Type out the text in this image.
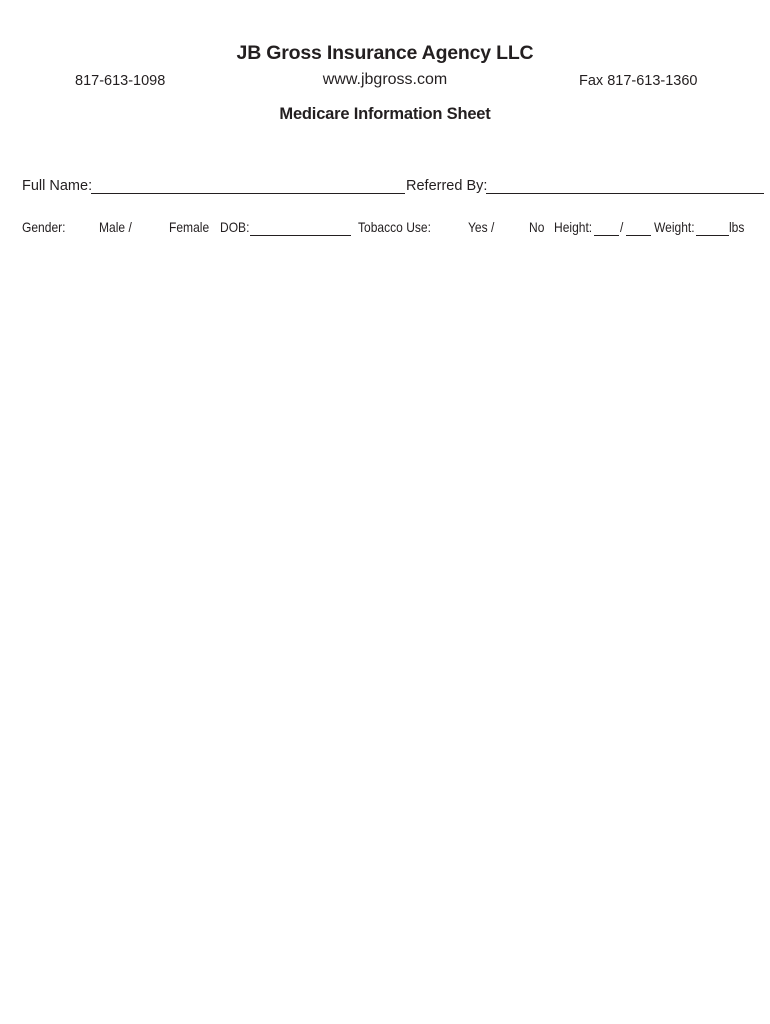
JB Gross Insurance Agency LLC
817-613-1098	www.jbgross.com	Fax 817-613-1360
Medicare Information Sheet
Full Name:	Referred By:
Gender: Male /	Female DOB:	Tobacco Use:	Yes / No Height: / Weight: lbs
